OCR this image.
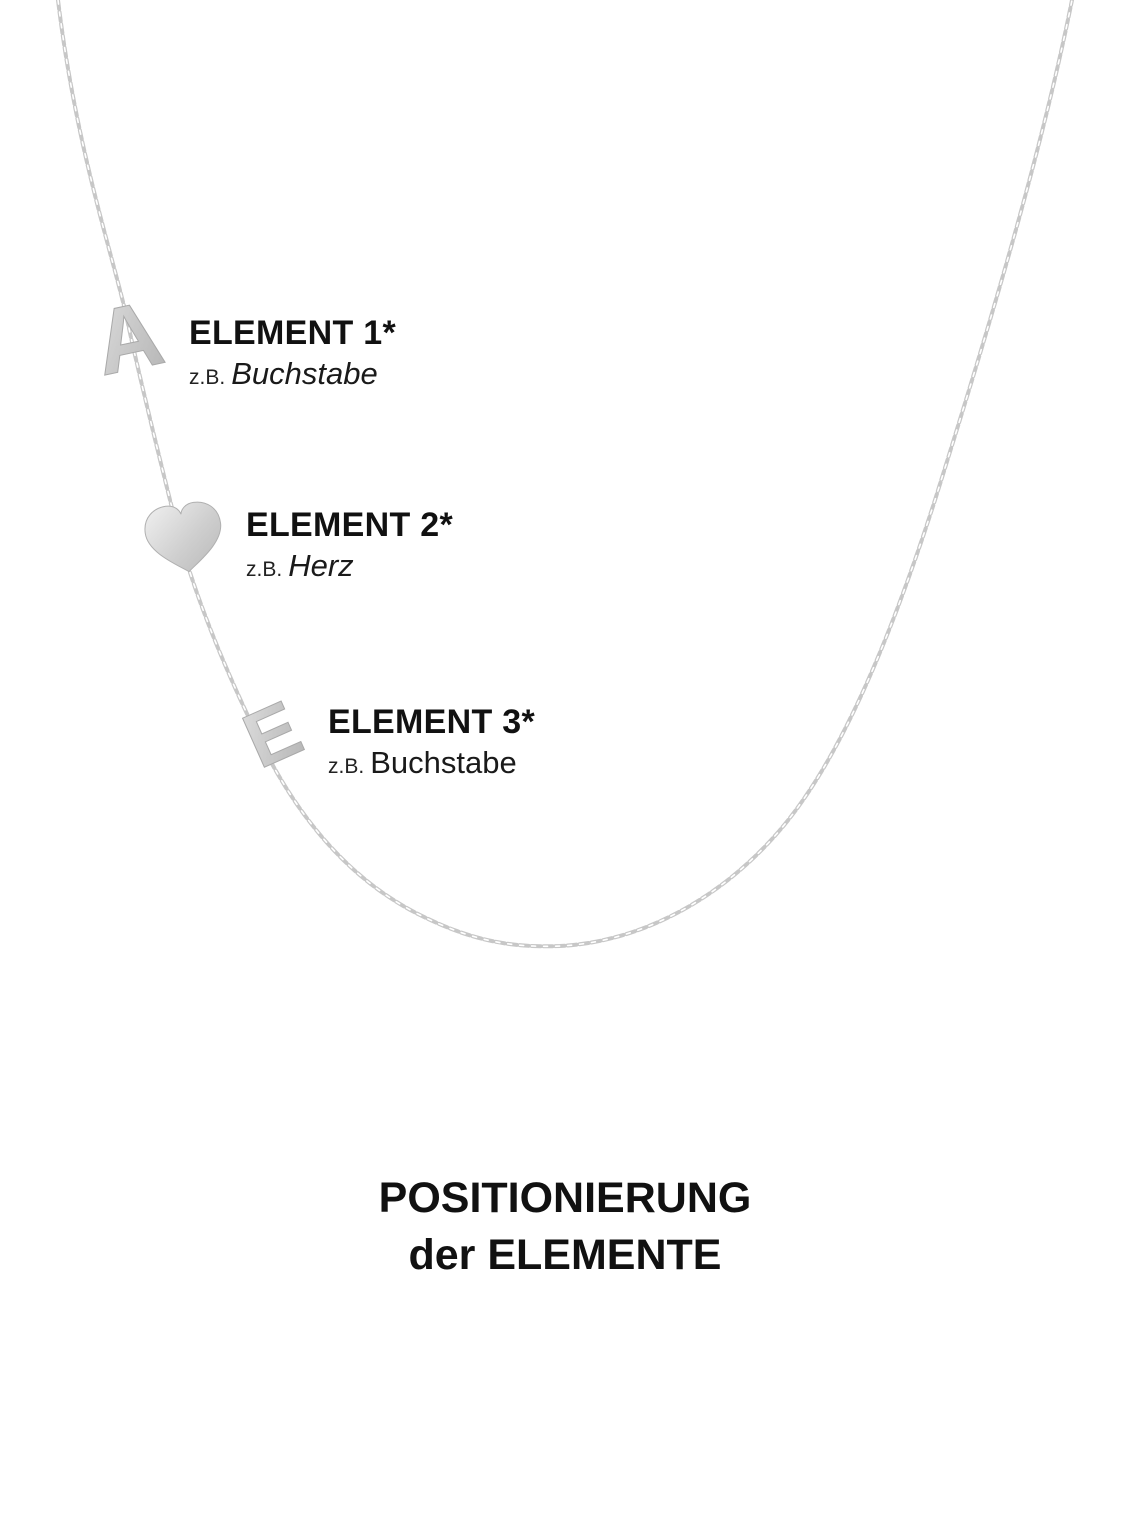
A
E
ELEMENT 1*
z.B. Buchstabe
ELEMENT 2*
z.B. Herz
ELEMENT 3*
z.B. Buchstabe
POSITIONIERUNG
der ELEMENTE
